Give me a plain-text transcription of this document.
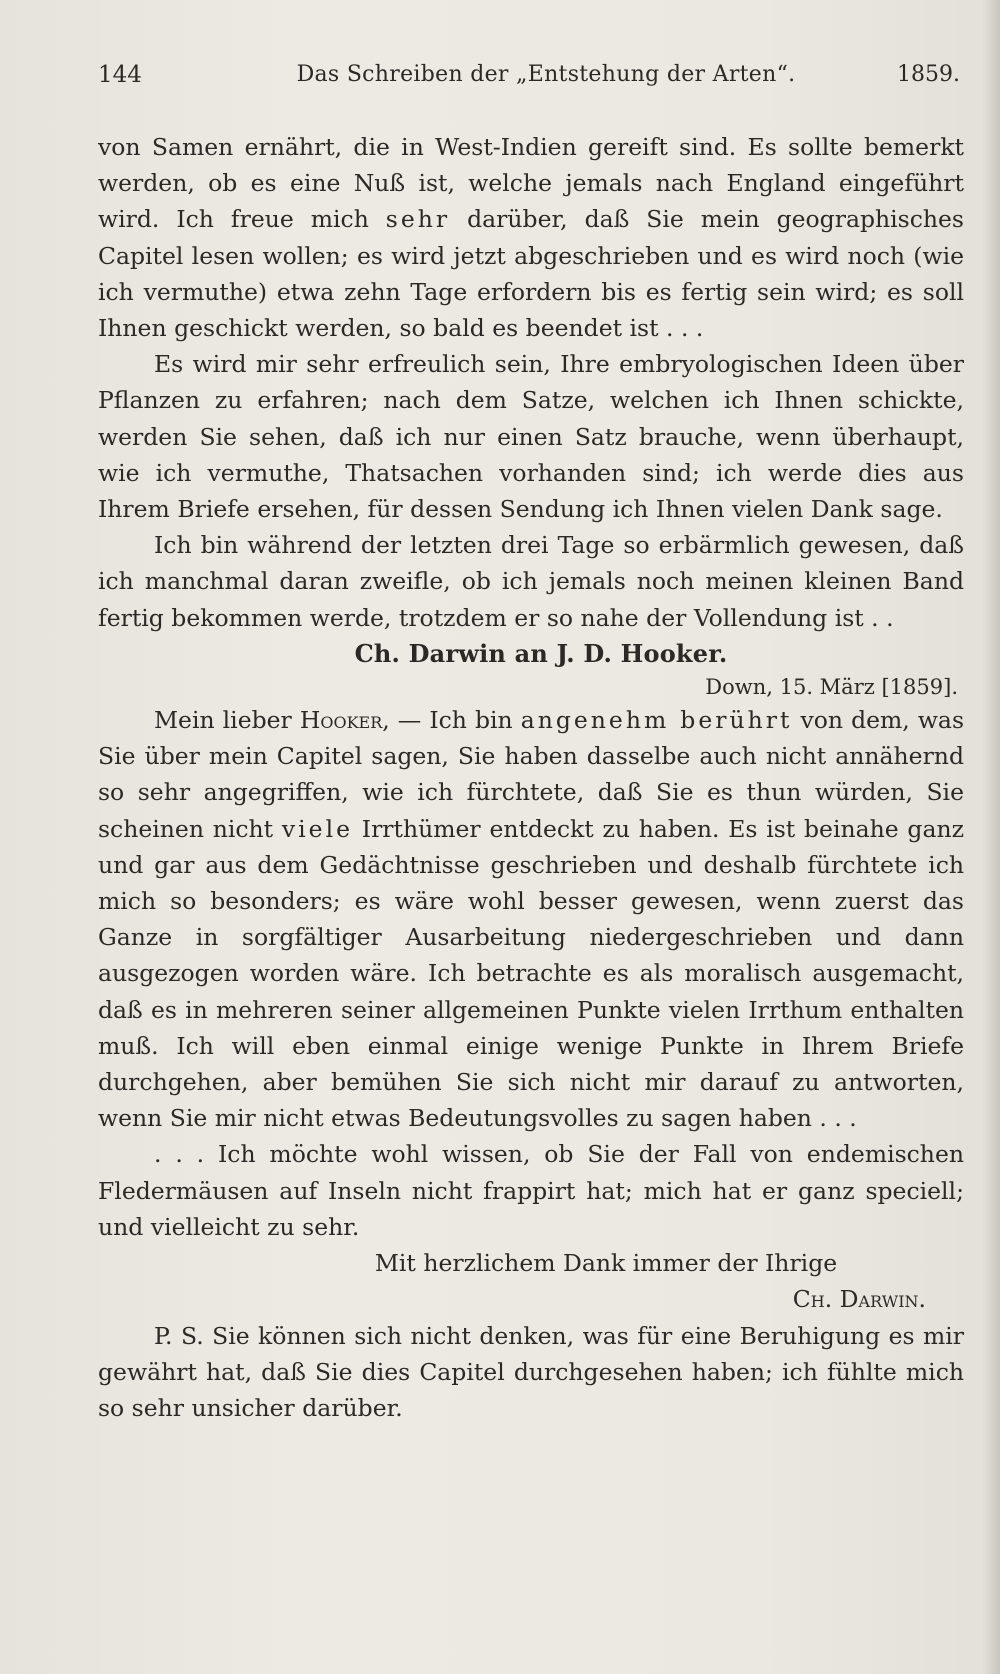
144	Das Schreiben der „Entstehung der Arten“.	1859.

von Samen ernährt, die in West-Indien gereift sind. Es sollte bemerkt werden, ob es eine Nuß ist, welche jemals nach England eingeführt wird. Ich freue mich sehr darüber, daß Sie mein geographisches Capitel lesen wollen; es wird jetzt abgeschrieben und es wird noch (wie ich vermuthe) etwa zehn Tage erfordern bis es fertig sein wird; es soll Ihnen geschickt werden, so bald es beendet ist . . .

Es wird mir sehr erfreulich sein, Ihre embryologischen Ideen über Pflanzen zu erfahren; nach dem Satze, welchen ich Ihnen schickte, werden Sie sehen, daß ich nur einen Satz brauche, wenn überhaupt, wie ich vermuthe, Thatsachen vorhanden sind; ich werde dies aus Ihrem Briefe ersehen, für dessen Sendung ich Ihnen vielen Dank sage.

Ich bin während der letzten drei Tage so erbärmlich gewesen, daß ich manchmal daran zweifle, ob ich jemals noch meinen kleinen Band fertig bekommen werde, trotzdem er so nahe der Vollendung ist . .

Ch. Darwin an J. D. Hooker.

Down, 15. März [1859].

Mein lieber Hooker, — Ich bin angenehm berührt von dem, was Sie über mein Capitel sagen, Sie haben dasselbe auch nicht annähernd so sehr angegriffen, wie ich fürchtete, daß Sie es thun würden, Sie scheinen nicht viele Irrthümer entdeckt zu haben. Es ist beinahe ganz und gar aus dem Gedächtnisse geschrieben und deshalb fürchtete ich mich so besonders; es wäre wohl besser gewesen, wenn zuerst das Ganze in sorgfältiger Ausarbeitung niedergeschrieben und dann ausgezogen worden wäre. Ich betrachte es als moralisch ausgemacht, daß es in mehreren seiner allgemeinen Punkte vielen Irrthum enthalten muß. Ich will eben einmal einige wenige Punkte in Ihrem Briefe durchgehen, aber bemühen Sie sich nicht mir darauf zu antworten, wenn Sie mir nicht etwas Bedeutungsvolles zu sagen haben . . .

. . . Ich möchte wohl wissen, ob Sie der Fall von endemischen Fledermäusen auf Inseln nicht frappirt hat; mich hat er ganz speciell; und vielleicht zu sehr.

Mit herzlichem Dank immer der Ihrige

Ch. Darwin.

P. S. Sie können sich nicht denken, was für eine Beruhigung es mir gewährt hat, daß Sie dies Capitel durchgesehen haben; ich fühlte mich so sehr unsicher darüber.
